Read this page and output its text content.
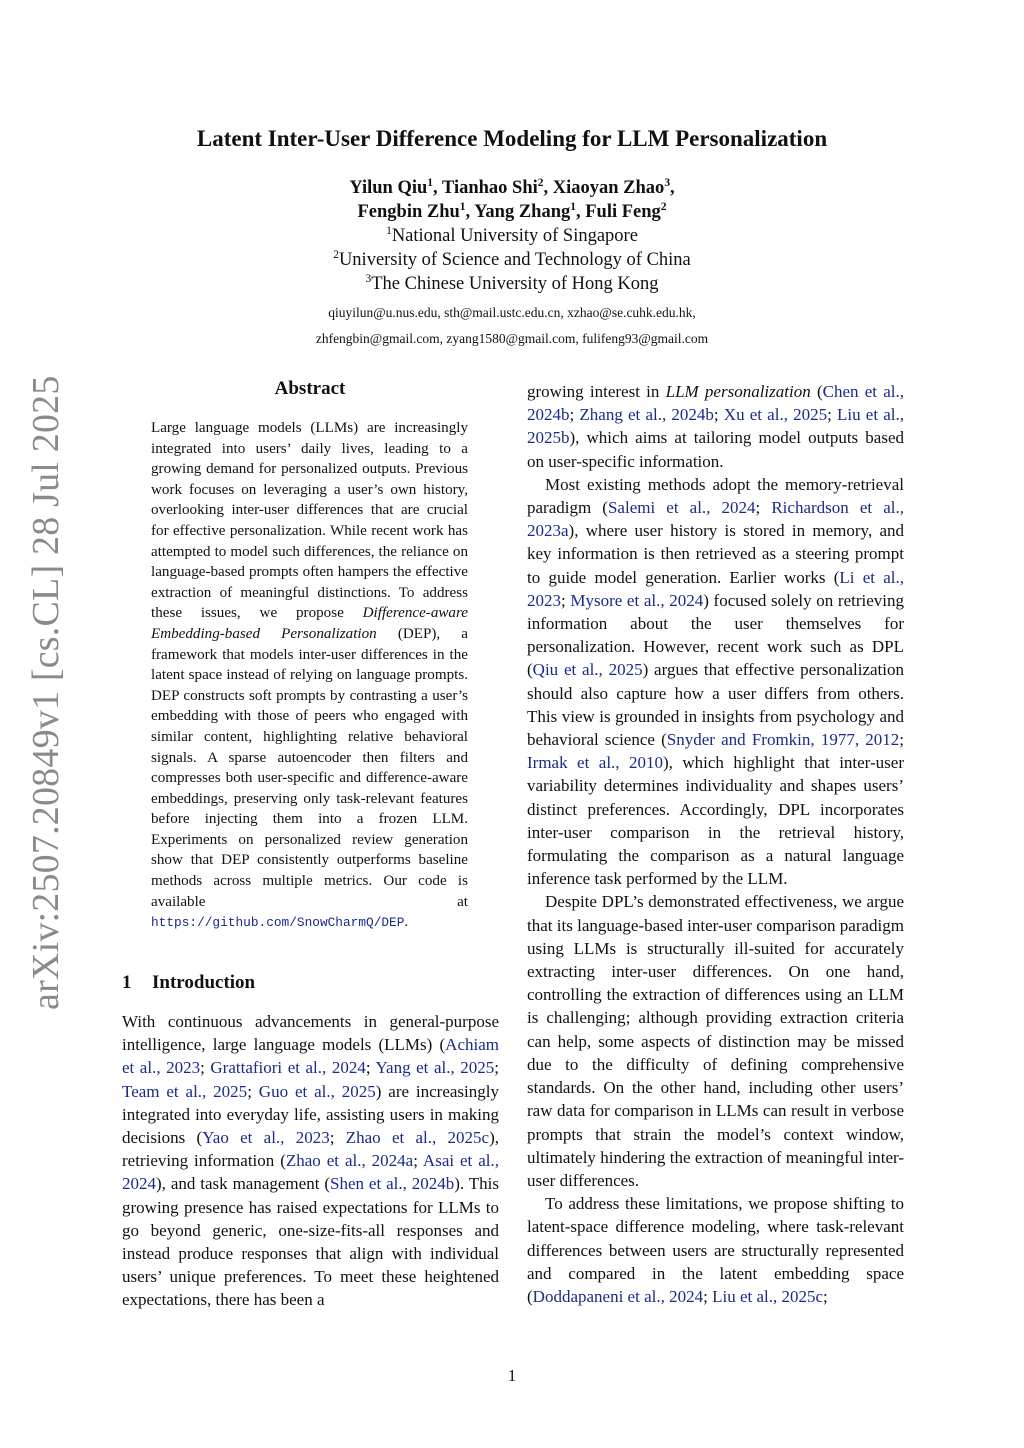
arXiv:2507.20849v1 [cs.CL] 28 Jul 2025
Latent Inter-User Difference Modeling for LLM Personalization
Yilun Qiu$^1$, Tianhao Shi$^2$, Xiaoyan Zhao$^3$,
Fengbin Zhu$^1$, Yang Zhang$^1$, Fuli Feng$^2$
$^1$National University of Singapore
$^2$University of Science and Technology of China
$^3$The Chinese University of Hong Kong
qiuyilun@u.nus.edu, sth@mail.ustc.edu.cn, xzhao@se.cuhk.edu.hk,
zhfengbin@gmail.com, zyang1580@gmail.com, fulifeng93@gmail.com
Abstract
Large language models (LLMs) are increasingly integrated into users’ daily lives, leading to a growing demand for personalized outputs. Previous work focuses on leveraging a user’s own history, overlooking inter-user differences that are crucial for effective personalization. While recent work has attempted to model such differences, the reliance on language-based prompts often hampers the effective extraction of meaningful distinctions. To address these issues, we propose Difference-aware Embedding-based Personalization (DEP), a framework that models inter-user differences in the latent space instead of relying on language prompts. DEP constructs soft prompts by contrasting a user’s embedding with those of peers who engaged with similar content, highlighting relative behavioral signals. A sparse autoencoder then filters and compresses both user-specific and difference-aware embeddings, preserving only task-relevant features before injecting them into a frozen LLM. Experiments on personalized review generation show that DEP consistently outperforms baseline methods across multiple metrics. Our code is available at https://github.com/SnowCharmQ/DEP.
1 Introduction

With continuous advancements in general-purpose intelligence, large language models (LLMs) (Achiam et al., 2023; Grattafiori et al., 2024; Yang et al., 2025; Team et al., 2025; Guo et al., 2025) are increasingly integrated into everyday life, assisting users in making decisions (Yao et al., 2023; Zhao et al., 2025c), retrieving information (Zhao et al., 2024a; Asai et al., 2024), and task management (Shen et al., 2024b). This growing presence has raised expectations for LLMs to go beyond generic, one-size-fits-all responses and instead produce responses that align with individual users’ unique preferences. To meet these heightened expectations, there has been a

growing interest in LLM personalization (Chen et al., 2024b; Zhang et al., 2024b; Xu et al., 2025; Liu et al., 2025b), which aims at tailoring model outputs based on user-specific information.

Most existing methods adopt the memory-retrieval paradigm (Salemi et al., 2024; Richardson et al., 2023a), where user history is stored in memory, and key information is then retrieved as a steering prompt to guide model generation. Earlier works (Li et al., 2023; Mysore et al., 2024) focused solely on retrieving information about the user themselves for personalization. However, recent work such as DPL (Qiu et al., 2025) argues that effective personalization should also capture how a user differs from others. This view is grounded in insights from psychology and behavioral science (Snyder and Fromkin, 1977, 2012; Irmak et al., 2010), which highlight that inter-user variability determines individuality and shapes users’ distinct preferences. Accordingly, DPL incorporates inter-user comparison in the retrieval history, formulating the comparison as a natural language inference task performed by the LLM.

Despite DPL’s demonstrated effectiveness, we argue that its language-based inter-user comparison paradigm using LLMs is structurally ill-suited for accurately extracting inter-user differences. On one hand, controlling the extraction of differences using an LLM is challenging; although providing extraction criteria can help, some aspects of distinction may be missed due to the difficulty of defining comprehensive standards. On the other hand, including other users’ raw data for comparison in LLMs can result in verbose prompts that strain the model’s context window, ultimately hindering the extraction of meaningful inter-user differences.

To address these limitations, we propose shifting to latent-space difference modeling, where task-relevant differences between users are structurally represented and compared in the latent embedding space (Doddapaneni et al., 2024; Liu et al., 2025c;

1
